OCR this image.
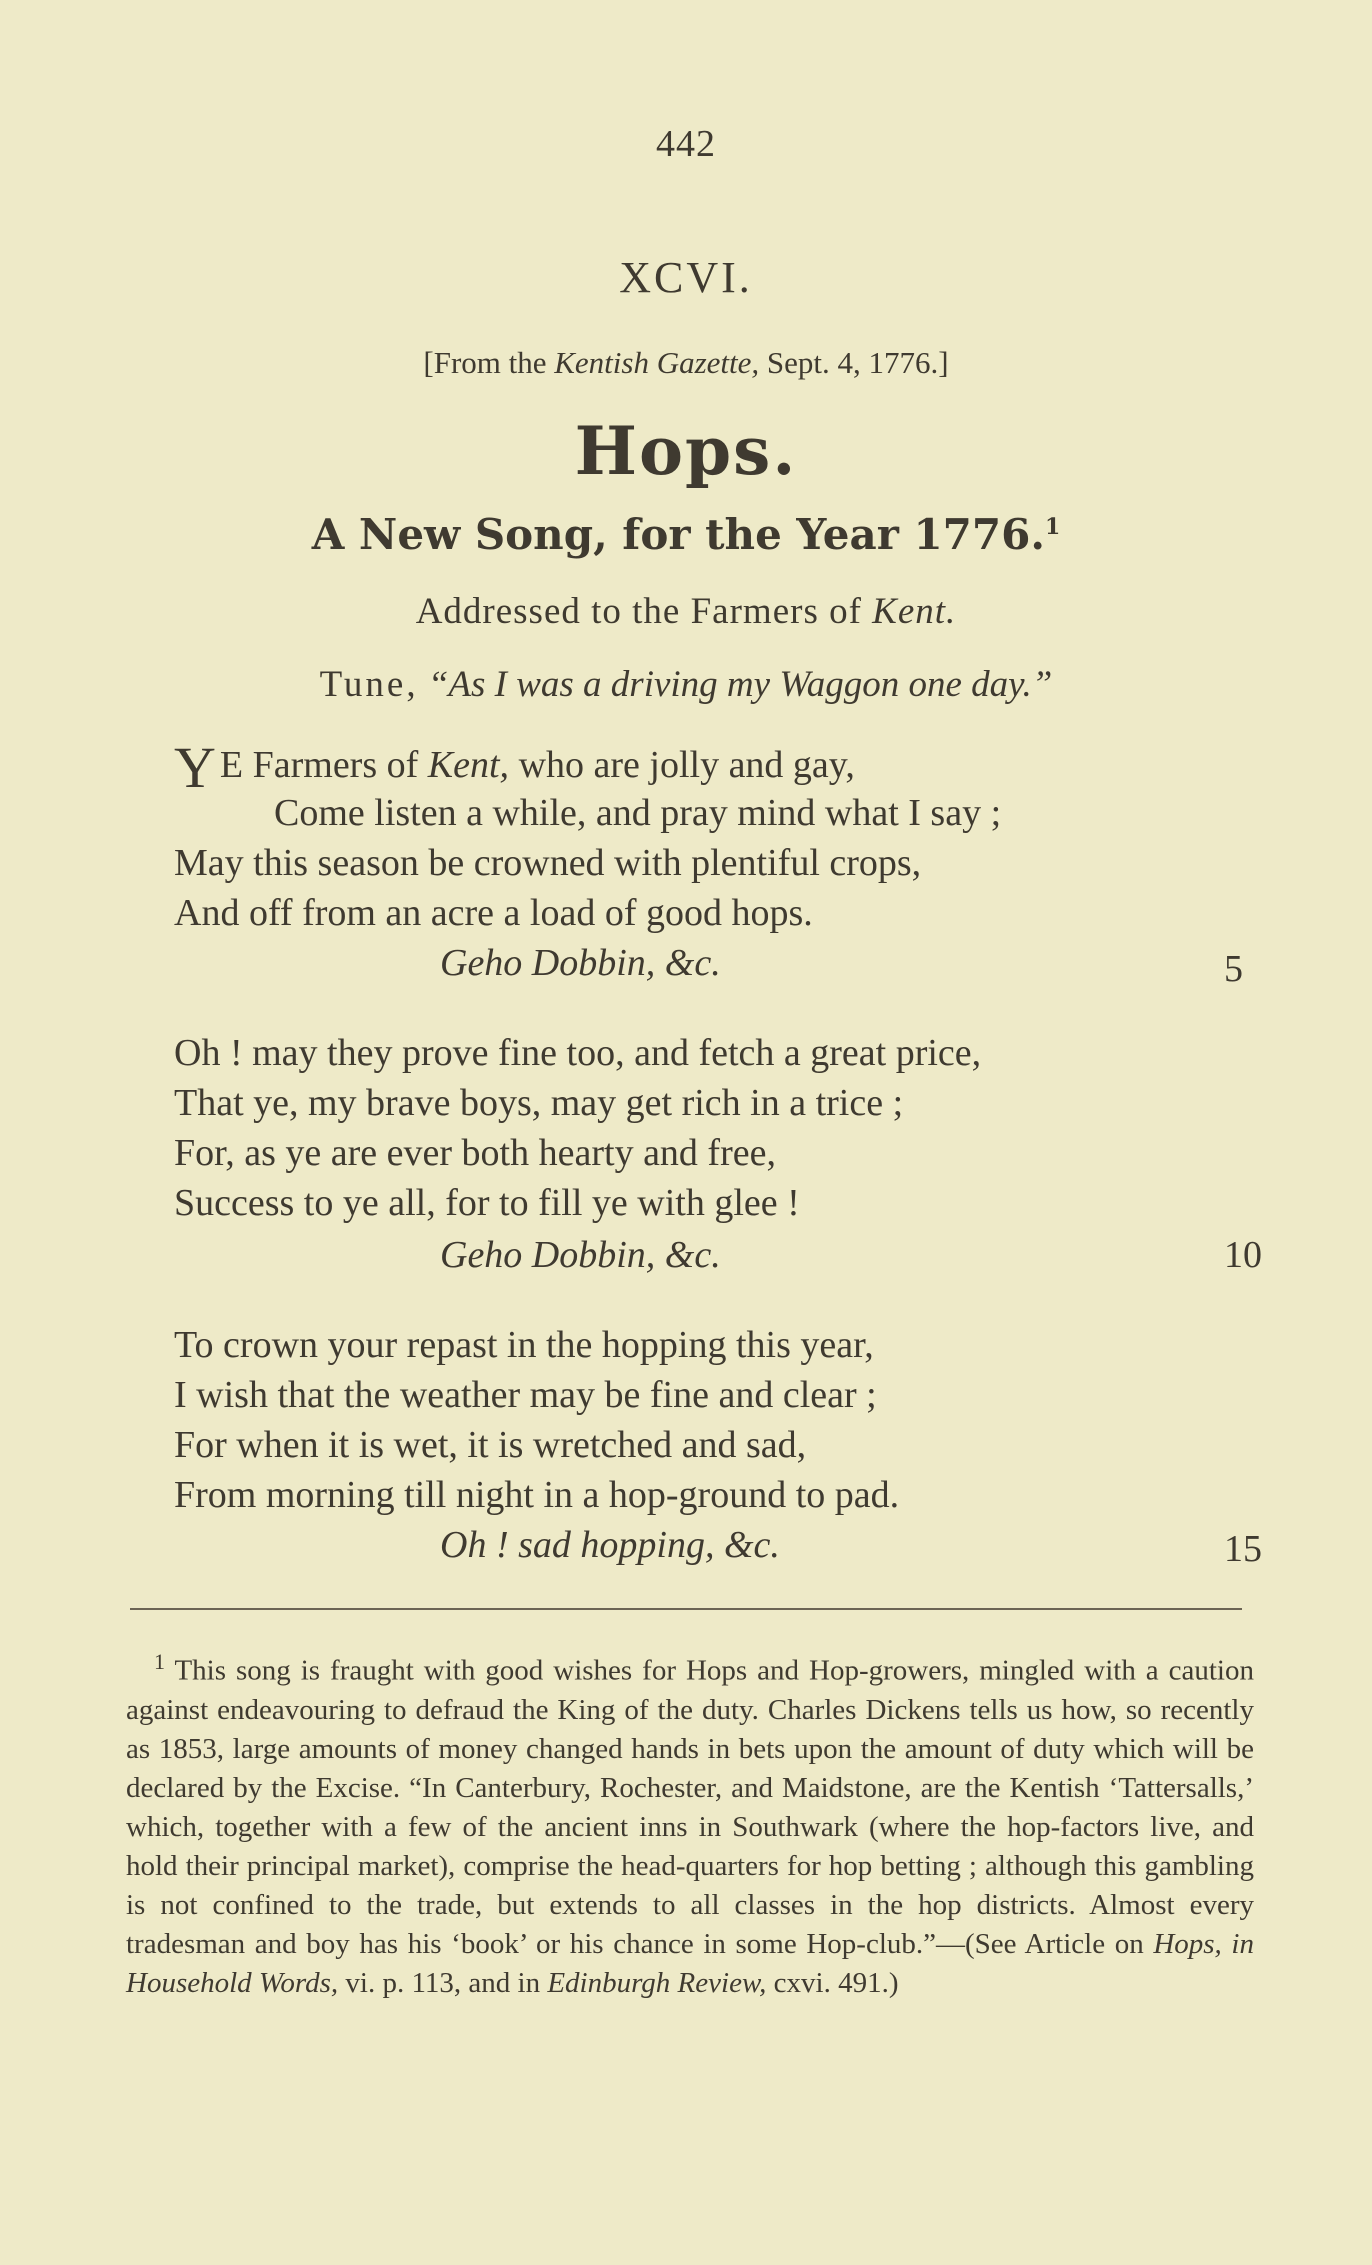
442
XCVI.
[From the Kentish Gazette, Sept. 4, 1776.]
Hops.
A New Song, for the Year 1776.$^1$
Addressed to the Farmers of Kent.
Tune, “As I was a driving my Waggon one day.”
Y E Farmers of Kent, who are jolly and gay,
Come listen a while, and pray mind what I say ;
May this season be crowned with plentiful crops,
And off from an acre a load of good hops.
Geho Dobbin, &c.	5
Oh ! may they prove fine too, and fetch a great price,
That ye, my brave boys, may get rich in a trice ;
For, as ye are ever both hearty and free,
Success to ye all, for to fill ye with glee !
Geho Dobbin, &c.	10
To crown your repast in the hopping this year,
I wish that the weather may be fine and clear ;
For when it is wet, it is wretched and sad,
From morning till night in a hop-ground to pad.
Oh ! sad hopping, &c.	15

$^1$ This song is fraught with good wishes for Hops and Hop-growers, mingled with a caution against endeavouring to defraud the King of the duty. Charles Dickens tells us how, so recently as 1853, large amounts of money changed hands in bets upon the amount of duty which will be declared by the Excise. “In Canterbury, Rochester, and Maidstone, are the Kentish ‘Tattersalls,’ which, together with a few of the ancient inns in Southwark (where the hop-factors live, and hold their principal market), comprise the head-quarters for hop betting ; although this gambling is not confined to the trade, but extends to all classes in the hop districts. Almost every tradesman and boy has his ‘book’ or his chance in some Hop-club.”—(See Article on Hops, in Household Words, vi. p. 113, and in Edinburgh Review, cxvi. 491.)
